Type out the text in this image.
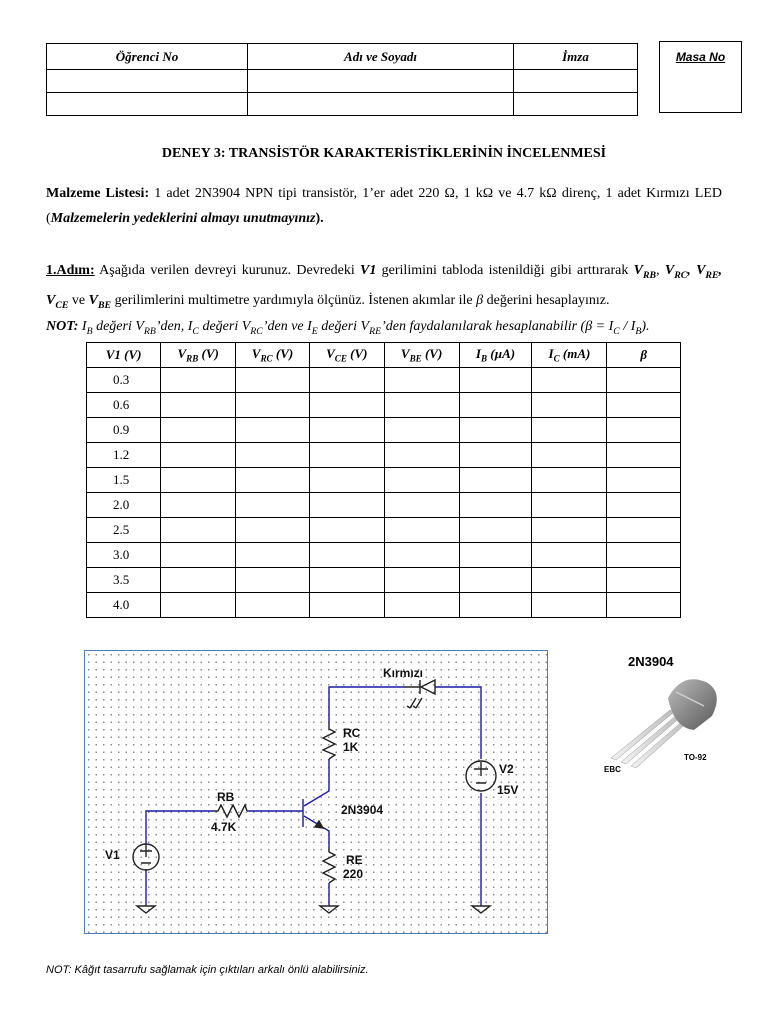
Öğrenci No	Adı ve Soyadı	İmza

			Masa No
DENEY 3: TRANSİSTÖR KARAKTERİSTİKLERİNİN İNCELENMESİ
Malzeme Listesi: 1 adet 2N3904 NPN tipi transistör, 1’er adet 220 Ω, 1 kΩ ve 4.7 kΩ direnç, 1 adet Kırmızı LED (Malzemelerin yedeklerini almayı unutmayınız).
1.Adım: Aşağıda verilen devreyi kurunuz. Devredeki V1 gerilimini tabloda istenildiği gibi arttırarak $V_{RB}$, $V_{RC}$, $V_{RE}$, $V_{CE}$ ve $V_{BE}$ gerilimlerini multimetre yardımıyla ölçünüz. İstenen akımlar ile β değerini hesaplayınız.
NOT: $I_B$ değeri $V_{RB}’den$, $I_C$ değeri $V_{RC}’den$ ve $I_E$ değeri $V_{RE}’den$ faydalanılarak hesaplanabilir $(\beta = I_C / I_B)$.
V1 (V)	$V_{RB}$ (V)	$V_{RC}$ (V)	$V_{CE}$ (V)	$V_{BE}$ (V)	$I_B$ (µA)	$I_C$ (mA)	β
0.3							
0.6							
0.9							
1.2							
1.5							
2.0							
2.5							
3.0							
3.5							
4.0							
Kırmızı
RC
1K
RB
4.7K
2N3904
RE
220
V1
V2
15V
2N3904
EBC
TO-92
NOT: Kâğıt tasarrufu sağlamak için çıktıları arkalı önlü alabilirsiniz.
